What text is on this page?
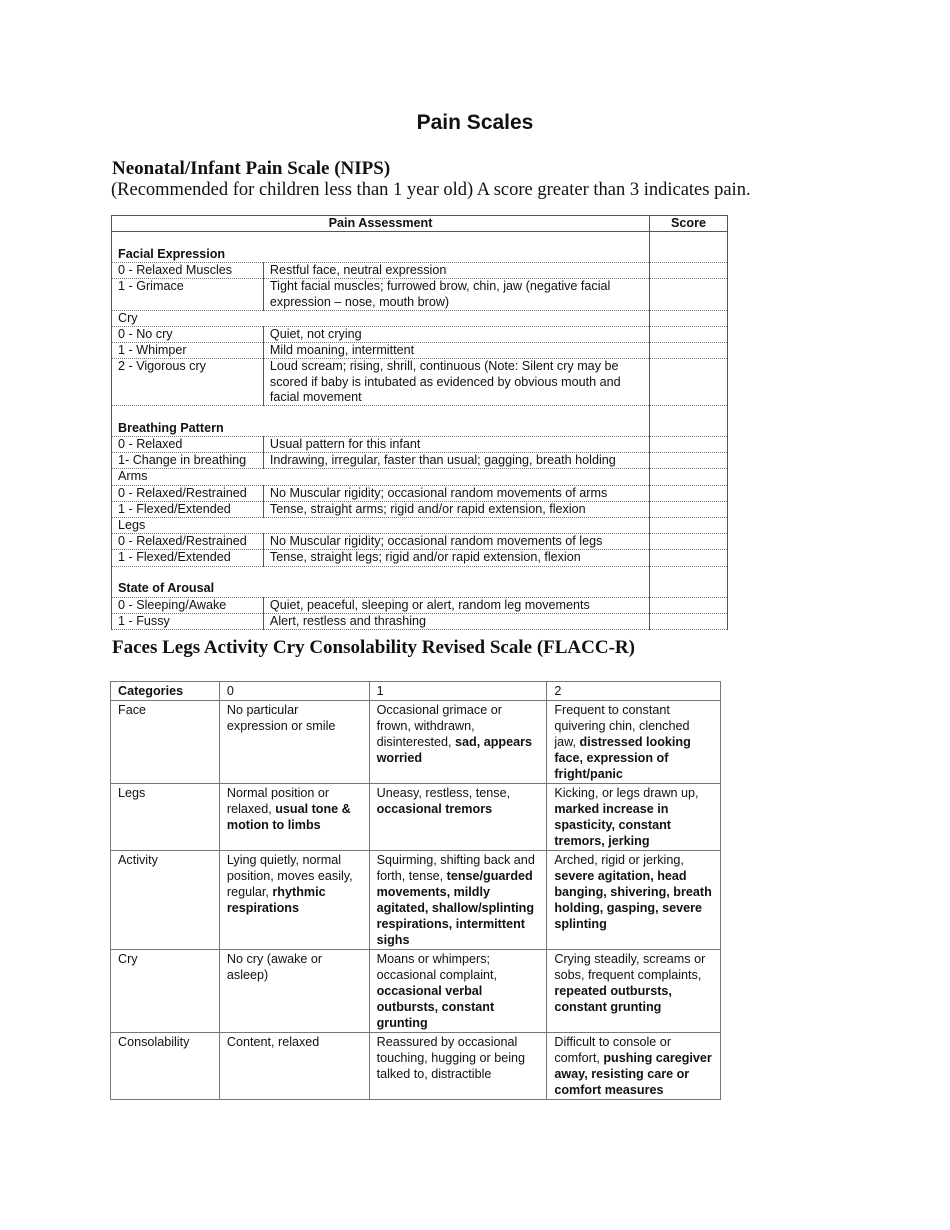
Pain Scales
Neonatal/Infant Pain Scale (NIPS)
(Recommended for children less than 1 year old) A score greater than 3 indicates pain.
Pain Assessment		Score
Facial Expression		
0 - Relaxed Muscles	Restful face, neutral expression	
1 - Grimace	Tight facial muscles; furrowed brow, chin, jaw (negative facial expression – nose, mouth brow)	
Cry		
0 - No cry	Quiet, not crying	
1 - Whimper	Mild moaning, intermittent	
2 - Vigorous cry	Loud scream; rising, shrill, continuous (Note: Silent cry may be scored if baby is intubated as evidenced by obvious mouth and facial movement	
Breathing Pattern		
0 - Relaxed	Usual pattern for this infant	
1- Change in breathing	Indrawing, irregular, faster than usual; gagging, breath holding	
Arms		
0 - Relaxed/Restrained	No Muscular rigidity; occasional random movements of arms	
1 - Flexed/Extended	Tense, straight arms; rigid and/or rapid extension, flexion	
Legs		
0 - Relaxed/Restrained	No Muscular rigidity; occasional random movements of legs	
1 - Flexed/Extended	Tense, straight legs; rigid and/or rapid extension, flexion	
State of Arousal		
0 - Sleeping/Awake	Quiet, peaceful, sleeping or alert, random leg movements	
1 - Fussy	Alert, restless and thrashing	
Faces Legs Activity Cry Consolability Revised Scale (FLACC-R)
Categories	0	1	2
Face	No particular expression or smile	Occasional grimace or frown, withdrawn, disinterested, sad, appears worried	Frequent to constant quivering chin, clenched jaw, distressed looking face, expression of fright/panic
Legs	Normal position or relaxed, usual tone & motion to limbs	Uneasy, restless, tense, occasional tremors	Kicking, or legs drawn up, marked increase in spasticity, constant tremors, jerking
Activity	Lying quietly, normal position, moves easily, regular, rhythmic respirations	Squirming, shifting back and forth, tense, tense/guarded movements, mildly agitated, shallow/splinting respirations, intermittent sighs	Arched, rigid or jerking, severe agitation, head banging, shivering, breath holding, gasping, severe splinting
Cry	No cry (awake or asleep)	Moans or whimpers; occasional complaint, occasional verbal outbursts, constant grunting	Crying steadily, screams or sobs, frequent complaints, repeated outbursts, constant grunting
Consolability	Content, relaxed	Reassured by occasional touching, hugging or being talked to, distractible	Difficult to console or comfort, pushing caregiver away, resisting care or comfort measures
